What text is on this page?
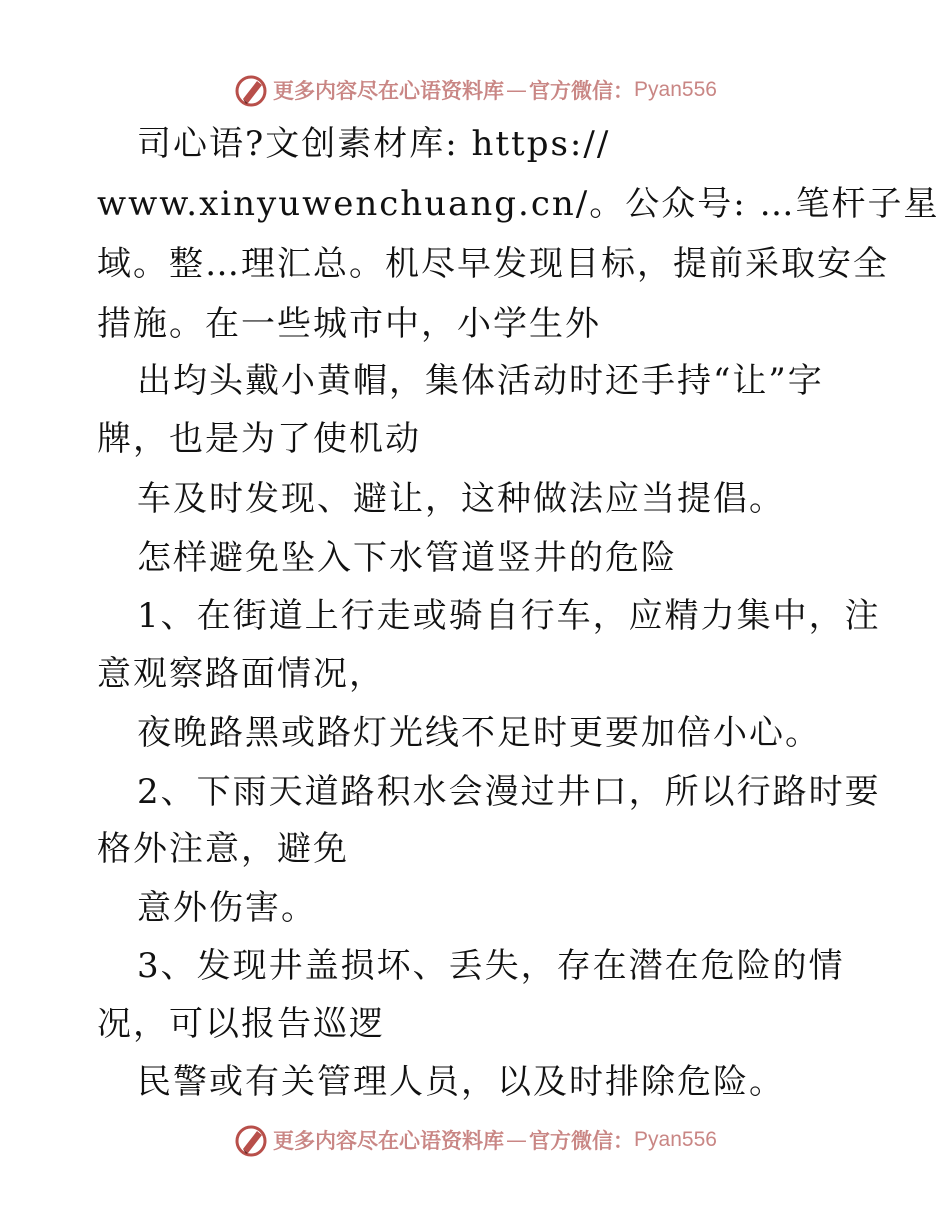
更多内容尽在心语资料库 — 官方微信： Pyan556
司心语?文创素材库: https://
www.xinyuwenchuang.cn/。公众号: …笔杆子星
域。整…理汇总。机尽早发现目标，提前采取安全
措施。在一些城市中，小学生外
出均头戴小黄帽，集体活动时还手持“让”字
牌，也是为了使机动
车及时发现、避让，这种做法应当提倡。
怎样避免坠入下水管道竖井的危险
1、在街道上行走或骑自行车，应精力集中，注
意观察路面情况，
夜晚路黑或路灯光线不足时更要加倍小心。
2、下雨天道路积水会漫过井口，所以行路时要
格外注意，避免
意外伤害。
3、发现井盖损坏、丢失，存在潜在危险的情
况，可以报告巡逻
民警或有关管理人员，以及时排除危险。
更多内容尽在心语资料库 — 官方微信： Pyan556
